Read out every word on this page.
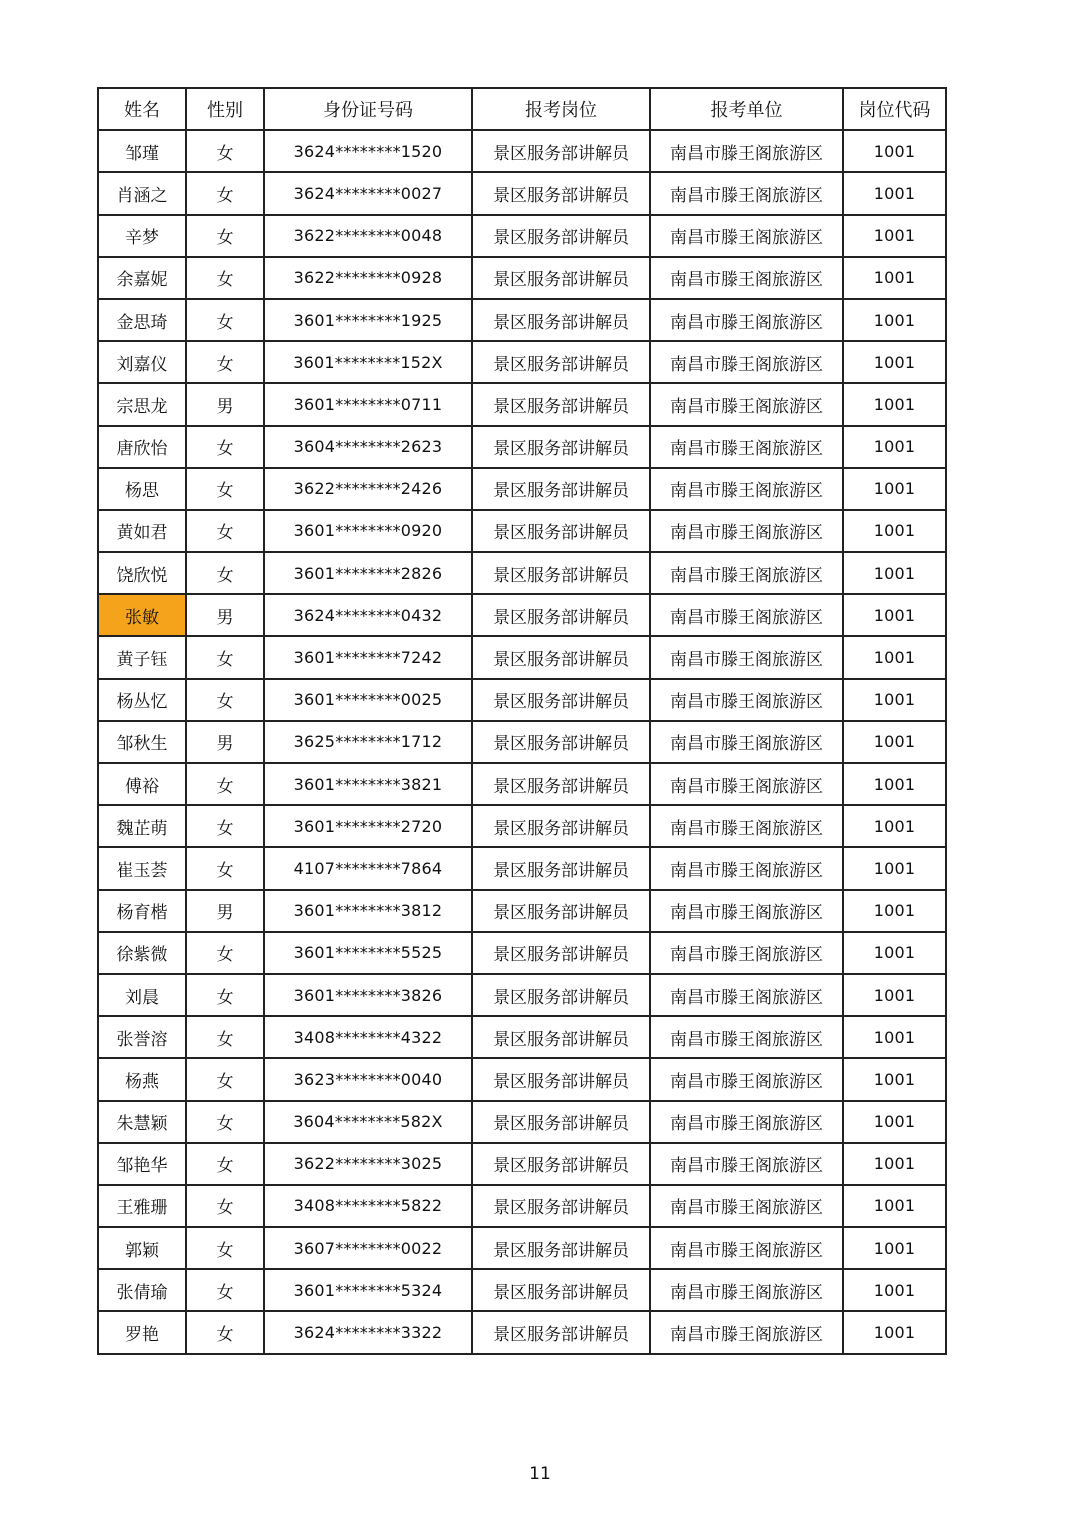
姓名	性别	身份证号码	报考岗位	报考单位	岗位代码
邹瑾	女	3624********1520	景区服务部讲解员	南昌市滕王阁旅游区	1001
肖涵之	女	3624********0027	景区服务部讲解员	南昌市滕王阁旅游区	1001
辛梦	女	3622********0048	景区服务部讲解员	南昌市滕王阁旅游区	1001
余嘉妮	女	3622********0928	景区服务部讲解员	南昌市滕王阁旅游区	1001
金思琦	女	3601********1925	景区服务部讲解员	南昌市滕王阁旅游区	1001
刘嘉仪	女	3601********152X	景区服务部讲解员	南昌市滕王阁旅游区	1001
宗思龙	男	3601********0711	景区服务部讲解员	南昌市滕王阁旅游区	1001
唐欣怡	女	3604********2623	景区服务部讲解员	南昌市滕王阁旅游区	1001
杨思	女	3622********2426	景区服务部讲解员	南昌市滕王阁旅游区	1001
黄如君	女	3601********0920	景区服务部讲解员	南昌市滕王阁旅游区	1001
饶欣悦	女	3601********2826	景区服务部讲解员	南昌市滕王阁旅游区	1001
张敏	男	3624********0432	景区服务部讲解员	南昌市滕王阁旅游区	1001
黄子钰	女	3601********7242	景区服务部讲解员	南昌市滕王阁旅游区	1001
杨丛忆	女	3601********0025	景区服务部讲解员	南昌市滕王阁旅游区	1001
邹秋生	男	3625********1712	景区服务部讲解员	南昌市滕王阁旅游区	1001
傅裕	女	3601********3821	景区服务部讲解员	南昌市滕王阁旅游区	1001
魏芷萌	女	3601********2720	景区服务部讲解员	南昌市滕王阁旅游区	1001
崔玉荟	女	4107********7864	景区服务部讲解员	南昌市滕王阁旅游区	1001
杨育楷	男	3601********3812	景区服务部讲解员	南昌市滕王阁旅游区	1001
徐紫微	女	3601********5525	景区服务部讲解员	南昌市滕王阁旅游区	1001
刘晨	女	3601********3826	景区服务部讲解员	南昌市滕王阁旅游区	1001
张誉溶	女	3408********4322	景区服务部讲解员	南昌市滕王阁旅游区	1001
杨燕	女	3623********0040	景区服务部讲解员	南昌市滕王阁旅游区	1001
朱慧颖	女	3604********582X	景区服务部讲解员	南昌市滕王阁旅游区	1001
邹艳华	女	3622********3025	景区服务部讲解员	南昌市滕王阁旅游区	1001
王雅珊	女	3408********5822	景区服务部讲解员	南昌市滕王阁旅游区	1001
郭颖	女	3607********0022	景区服务部讲解员	南昌市滕王阁旅游区	1001
张倩瑜	女	3601********5324	景区服务部讲解员	南昌市滕王阁旅游区	1001
罗艳	女	3624********3322	景区服务部讲解员	南昌市滕王阁旅游区	1001
11
